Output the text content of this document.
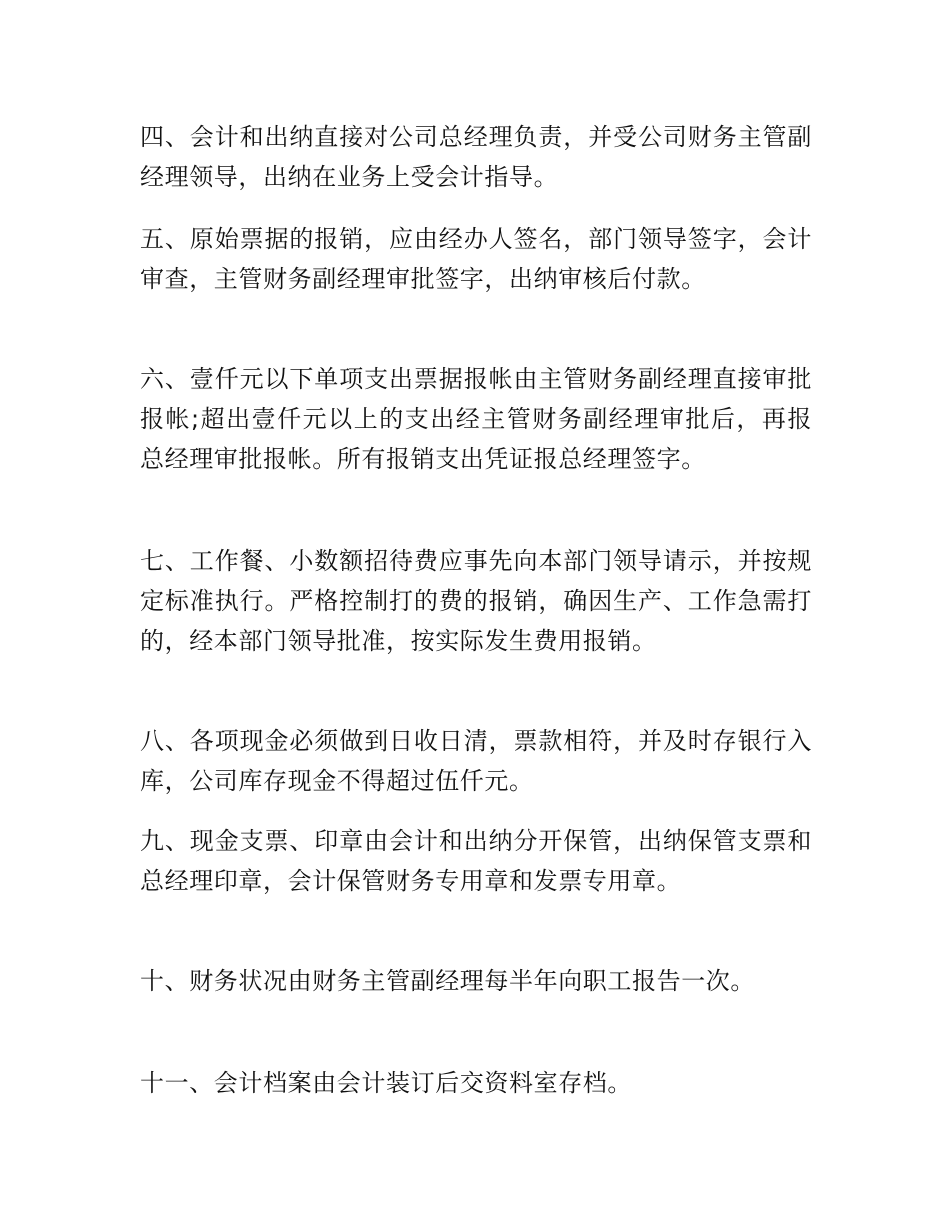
四、会计和出纳直接对公司总经理负责，并受公司财务主管副经理领导，出纳在业务上受会计指导。

五、原始票据的报销，应由经办人签名，部门领导签字，会计审查，主管财务副经理审批签字，出纳审核后付款。

六、壹仟元以下单项支出票据报帐由主管财务副经理直接审批报帐;超出壹仟元以上的支出经主管财务副经理审批后，再报总经理审批报帐。所有报销支出凭证报总经理签字。

七、工作餐、小数额招待费应事先向本部门领导请示，并按规定标准执行。严格控制打的费的报销，确因生产、工作急需打的，经本部门领导批准，按实际发生费用报销。

八、各项现金必须做到日收日清，票款相符，并及时存银行入库，公司库存现金不得超过伍仟元。

九、现金支票、印章由会计和出纳分开保管，出纳保管支票和总经理印章，会计保管财务专用章和发票专用章。

十、财务状况由财务主管副经理每半年向职工报告一次。

十一、会计档案由会计装订后交资料室存档。
